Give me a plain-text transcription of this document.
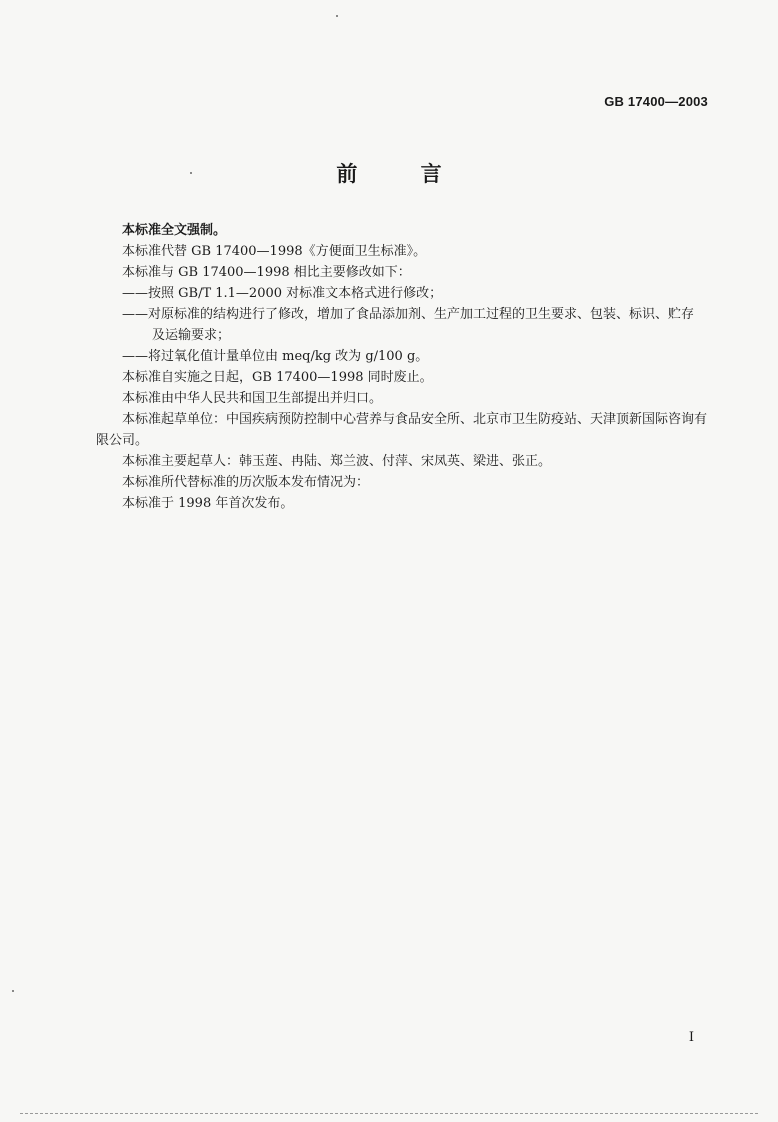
GB 17400—2003
前 言

本标准全文强制。

本标准代替 GB 17400—1998《方便面卫生标准》。

本标准与 GB 17400—1998 相比主要修改如下：

——按照 GB/T 1.1—2000 对标准文本格式进行修改；

——对原标准的结构进行了修改，增加了食品添加剂、生产加工过程的卫生要求、包装、标识、贮存
及运输要求；

——将过氧化值计量单位由 meq/kg 改为 g/100 g。

本标准自实施之日起，GB 17400—1998 同时废止。

本标准由中华人民共和国卫生部提出并归口。

本标准起草单位：中国疾病预防控制中心营养与食品安全所、北京市卫生防疫站、天津顶新国际咨询有限公司。

本标准主要起草人：韩玉莲、冉陆、郑兰波、付萍、宋凤英、梁进、张正。

本标准所代替标准的历次版本发布情况为：

本标准于 1998 年首次发布。

I
